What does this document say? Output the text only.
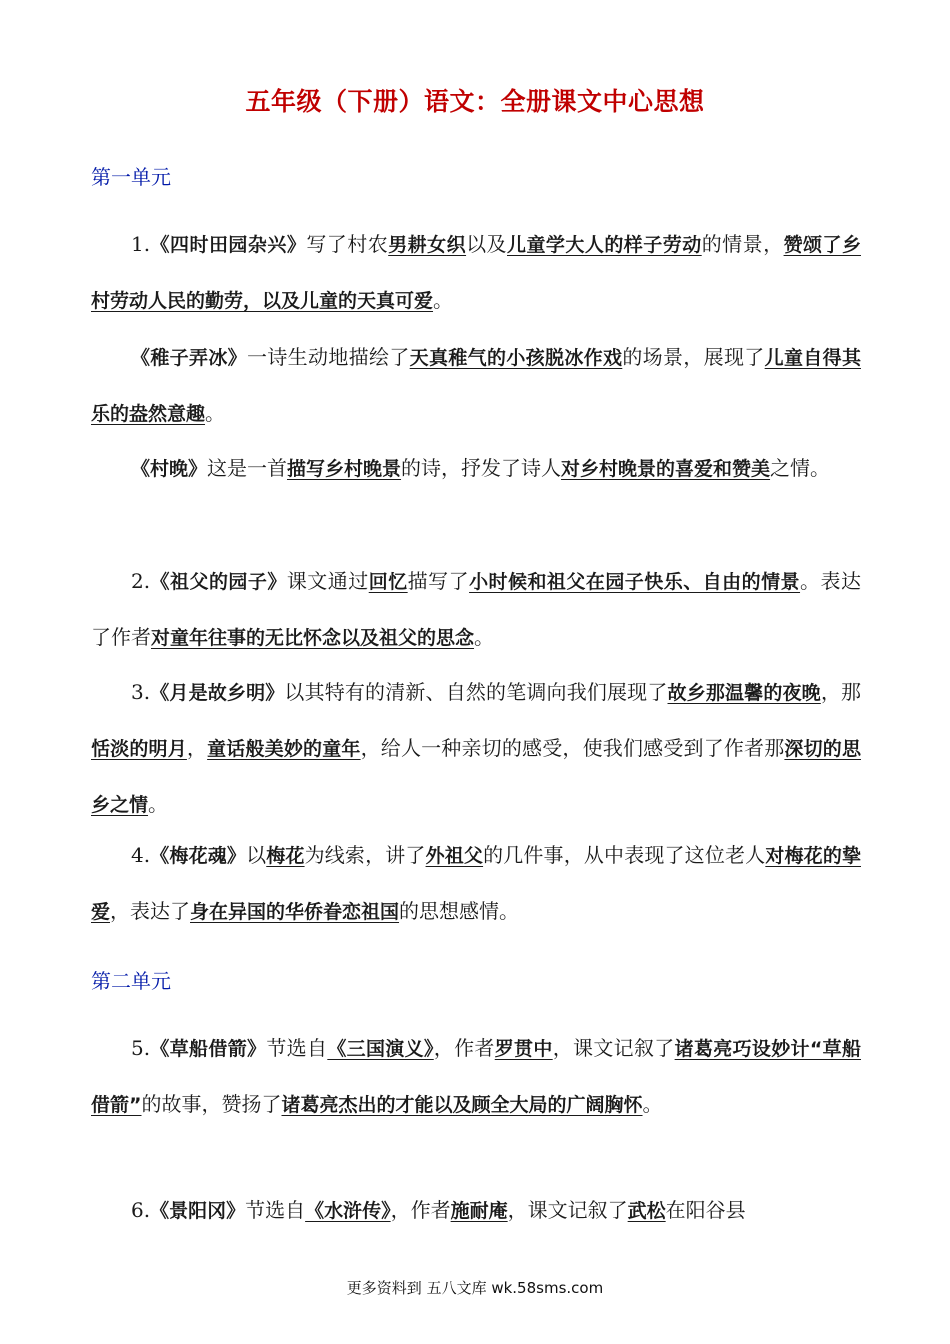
五年级（下册）语文：全册课文中心思想
第一单元
1.《四时田园杂兴》写了村农男耕女织以及儿童学大人的样子劳动的情景，赞颂了乡村劳动人民的勤劳，以及儿童的天真可爱。
《稚子弄冰》一诗生动地描绘了天真稚气的小孩脱冰作戏的场景，展现了儿童自得其乐的盎然意趣。
《村晚》这是一首描写乡村晚景的诗，抒发了诗人对乡村晚景的喜爱和赞美之情。
2.《祖父的园子》课文通过回忆描写了小时候和祖父在园子快乐、自由的情景。表达了作者对童年往事的无比怀念以及祖父的思念。
3.《月是故乡明》以其特有的清新、自然的笔调向我们展现了故乡那温馨的夜晚，那恬淡的明月，童话般美妙的童年，给人一种亲切的感受，使我们感受到了作者那深切的思乡之情。
4.《梅花魂》以梅花为线索，讲了外祖父的几件事，从中表现了这位老人对梅花的挚爱，表达了身在异国的华侨眷恋祖国的思想感情。
第二单元
5.《草船借箭》节选自《三国演义》，作者罗贯中，课文记叙了诸葛亮巧设妙计“草船借箭”的故事，赞扬了诸葛亮杰出的才能以及顾全大局的广阔胸怀。
6.《景阳冈》节选自《水浒传》，作者施耐庵，课文记叙了武松在阳谷县
更多资料到 五八文库 wk.58sms.com
